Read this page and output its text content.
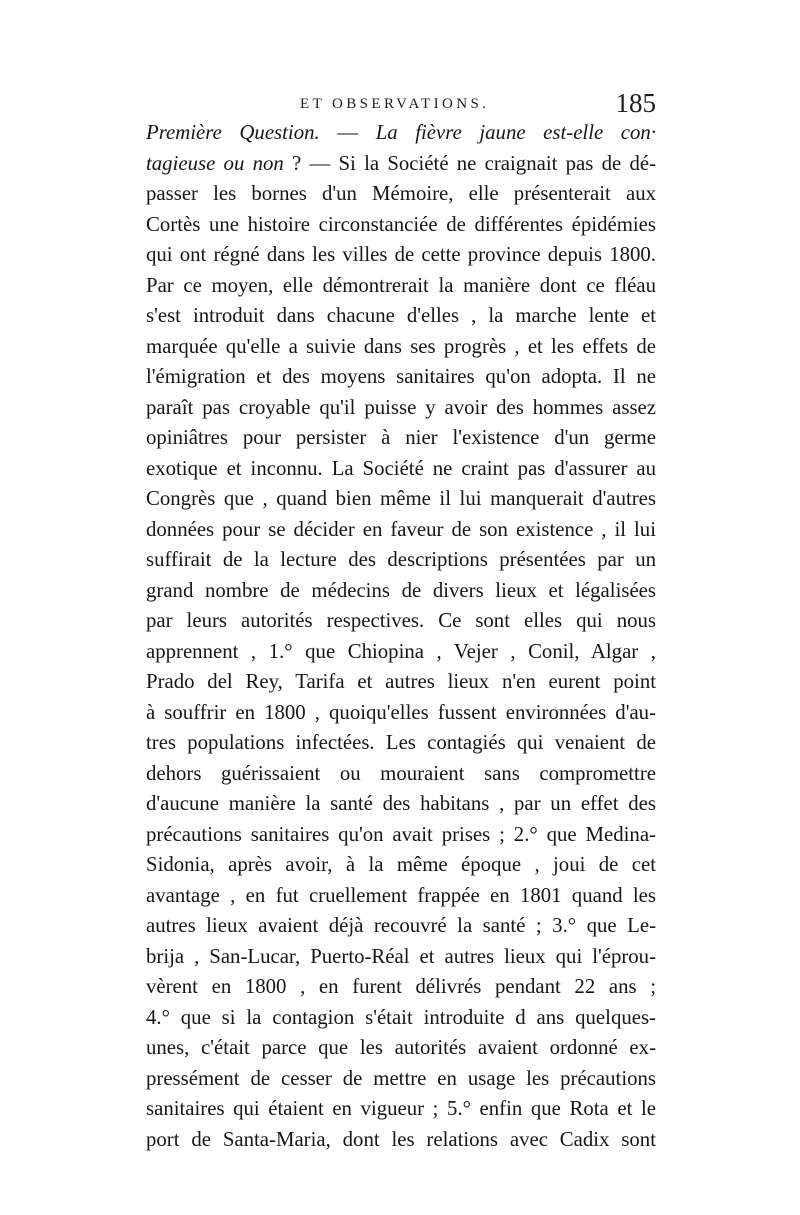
ET OBSERVATIONS.	185
Première Question. — La fièvre jaune est-elle con·
tagieuse ou non ? — Si la Société ne craignait pas de dé-
passer les bornes d'un Mémoire, elle présenterait aux
Cortès une histoire circonstanciée de différentes épidémies
qui ont régné dans les villes de cette province depuis 1800.
Par ce moyen, elle démontrerait la manière dont ce fléau
s'est introduit dans chacune d'elles , la marche lente et
marquée qu'elle a suivie dans ses progrès , et les effets de
l'émigration et des moyens sanitaires qu'on adopta. Il ne
paraît pas croyable qu'il puisse y avoir des hommes assez
opiniâtres pour persister à nier l'existence d'un germe
exotique et inconnu. La Société ne craint pas d'assurer au
Congrès que , quand bien même il lui manquerait d'autres
données pour se décider en faveur de son existence , il lui
suffirait de la lecture des descriptions présentées par un
grand nombre de médecins de divers lieux et légalisées
par leurs autorités respectives. Ce sont elles qui nous
apprennent , 1.° que Chiopina , Vejer , Conil, Algar ,
Prado del Rey, Tarifa et autres lieux n'en eurent point
à souffrir en 1800 , quoiqu'elles fussent environnées d'au-
tres populations infectées. Les contagiés qui venaient de
dehors guérissaient ou mouraient sans compromettre
d'aucune manière la santé des habitans , par un effet des
précautions sanitaires qu'on avait prises ; 2.° que Medina-
Sidonia, après avoir, à la même époque , joui de cet
avantage , en fut cruellement frappée en 1801 quand les
autres lieux avaient déjà recouvré la santé ; 3.° que Le-
brija , San-Lucar, Puerto-Réal et autres lieux qui l'éprou-
vèrent en 1800 , en furent délivrés pendant 22 ans ;
4.° que si la contagion s'était introduite d ans quelques-
unes, c'était parce que les autorités avaient ordonné ex-
pressément de cesser de mettre en usage les précautions
sanitaires qui étaient en vigueur ; 5.° enfin que Rota et le
port de Santa-Maria, dont les relations avec Cadix sont
